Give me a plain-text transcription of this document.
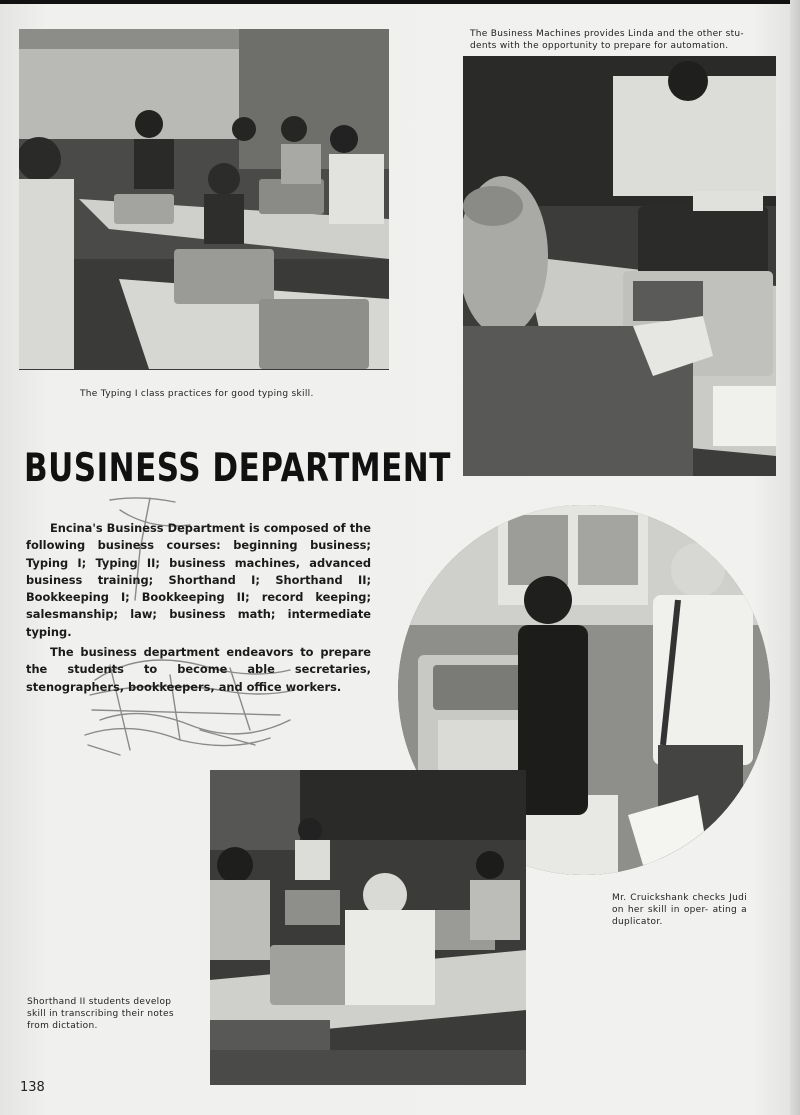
The Business Machines provides Linda and the other stu- dents with the opportunity to prepare for automation.
The Typing I class practices for good typing skill.
BUSINESS DEPARTMENT

Encina's Business Department is composed of the following business courses: beginning business; Typing I; Typing II; business machines, advanced business training; Shorthand I; Shorthand II; Bookkeeping I; Bookkeeping II; record keeping; salesmanship; law; business math; intermediate typing.

The business department endeavors to prepare the students to become able secretaries, stenographers, bookkeepers, and office workers.

Mr. Cruickshank checks Judi on her skill in oper- ating a duplicator.
Shorthand II students develop skill in transcribing their notes from dictation.
138
